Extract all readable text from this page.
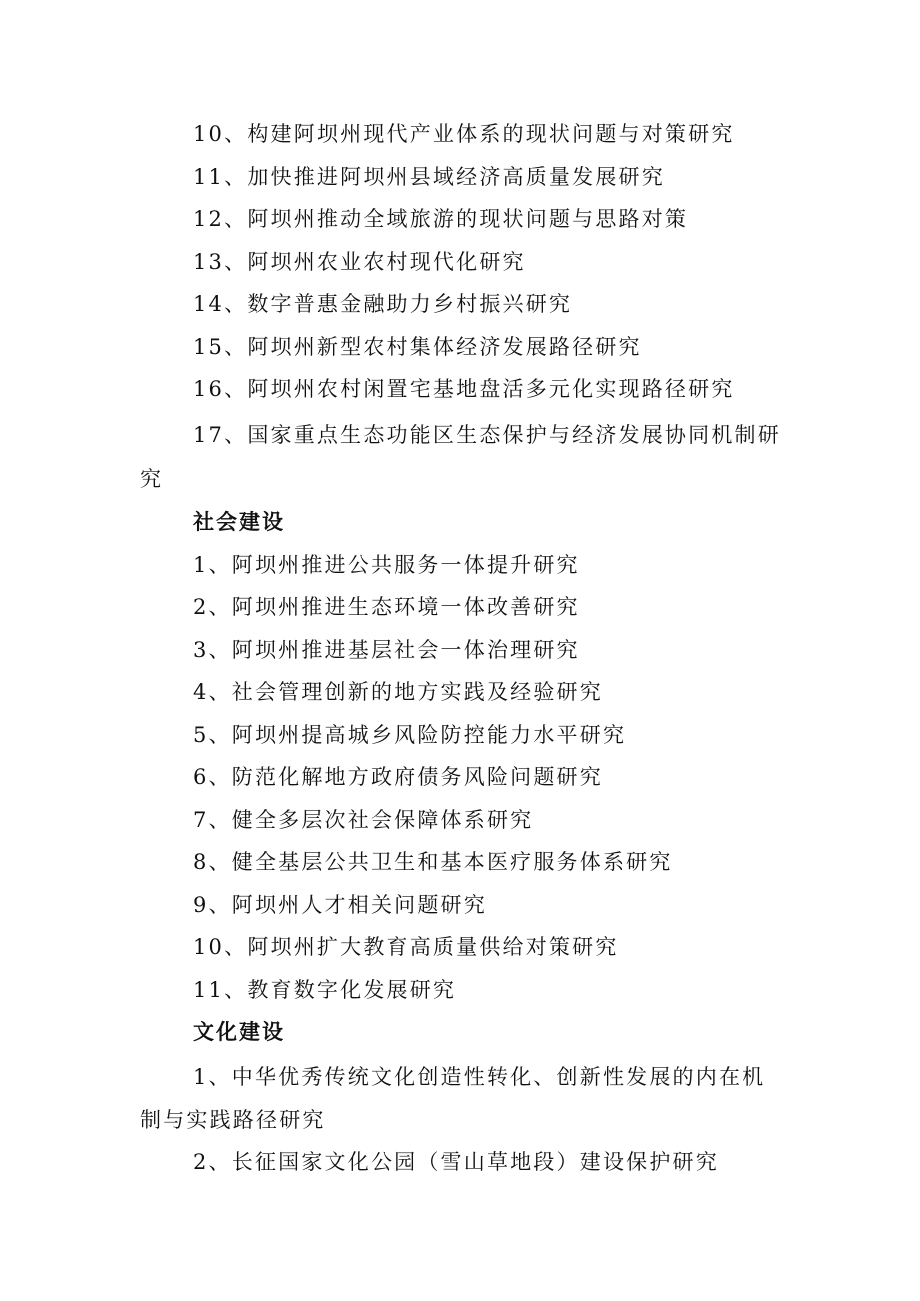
10、构建阿坝州现代产业体系的现状问题与对策研究
11、加快推进阿坝州县域经济高质量发展研究
12、阿坝州推动全域旅游的现状问题与思路对策
13、阿坝州农业农村现代化研究
14、数字普惠金融助力乡村振兴研究
15、阿坝州新型农村集体经济发展路径研究
16、阿坝州农村闲置宅基地盘活多元化实现路径研究
17、国家重点生态功能区生态保护与经济发展协同机制研
究
社会建设
1、阿坝州推进公共服务一体提升研究
2、阿坝州推进生态环境一体改善研究
3、阿坝州推进基层社会一体治理研究
4、社会管理创新的地方实践及经验研究
5、阿坝州提高城乡风险防控能力水平研究
6、防范化解地方政府债务风险问题研究
7、健全多层次社会保障体系研究
8、健全基层公共卫生和基本医疗服务体系研究
9、阿坝州人才相关问题研究
10、阿坝州扩大教育高质量供给对策研究
11、教育数字化发展研究
文化建设
1、中华优秀传统文化创造性转化、创新性发展的内在机
制与实践路径研究
2、长征国家文化公园（雪山草地段）建设保护研究
